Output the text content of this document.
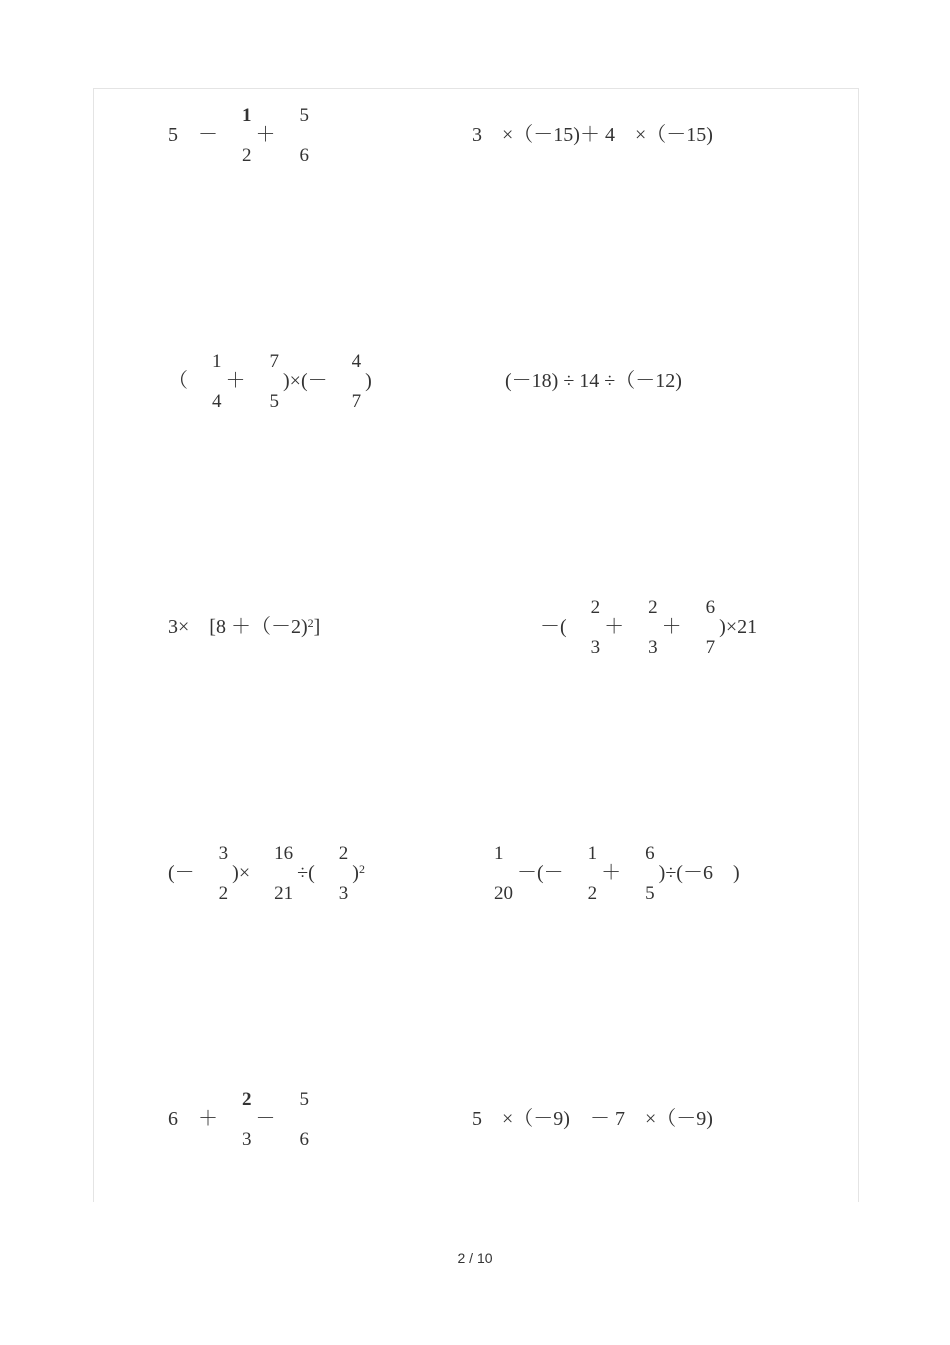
5　－

1

2

＋

5

6

3　×（－15)＋ 4　×（－15)
（

1

4

＋

7

5

)×(－

4

7

)	(－18) ÷ 14 ÷（－12)
3×　[8 ＋（－2)$^2$ ]	－(

2

3

＋

2

3

＋

6

7

)×21
(－

3

2

)×

16

21

÷(

2

3

)$^2$

1

20

－(－

1

2

＋

6

5

)÷(－6　)
6　＋

2

3

－

5

6

5　×（－9)　－ 7　×（－9)
2 / 10
